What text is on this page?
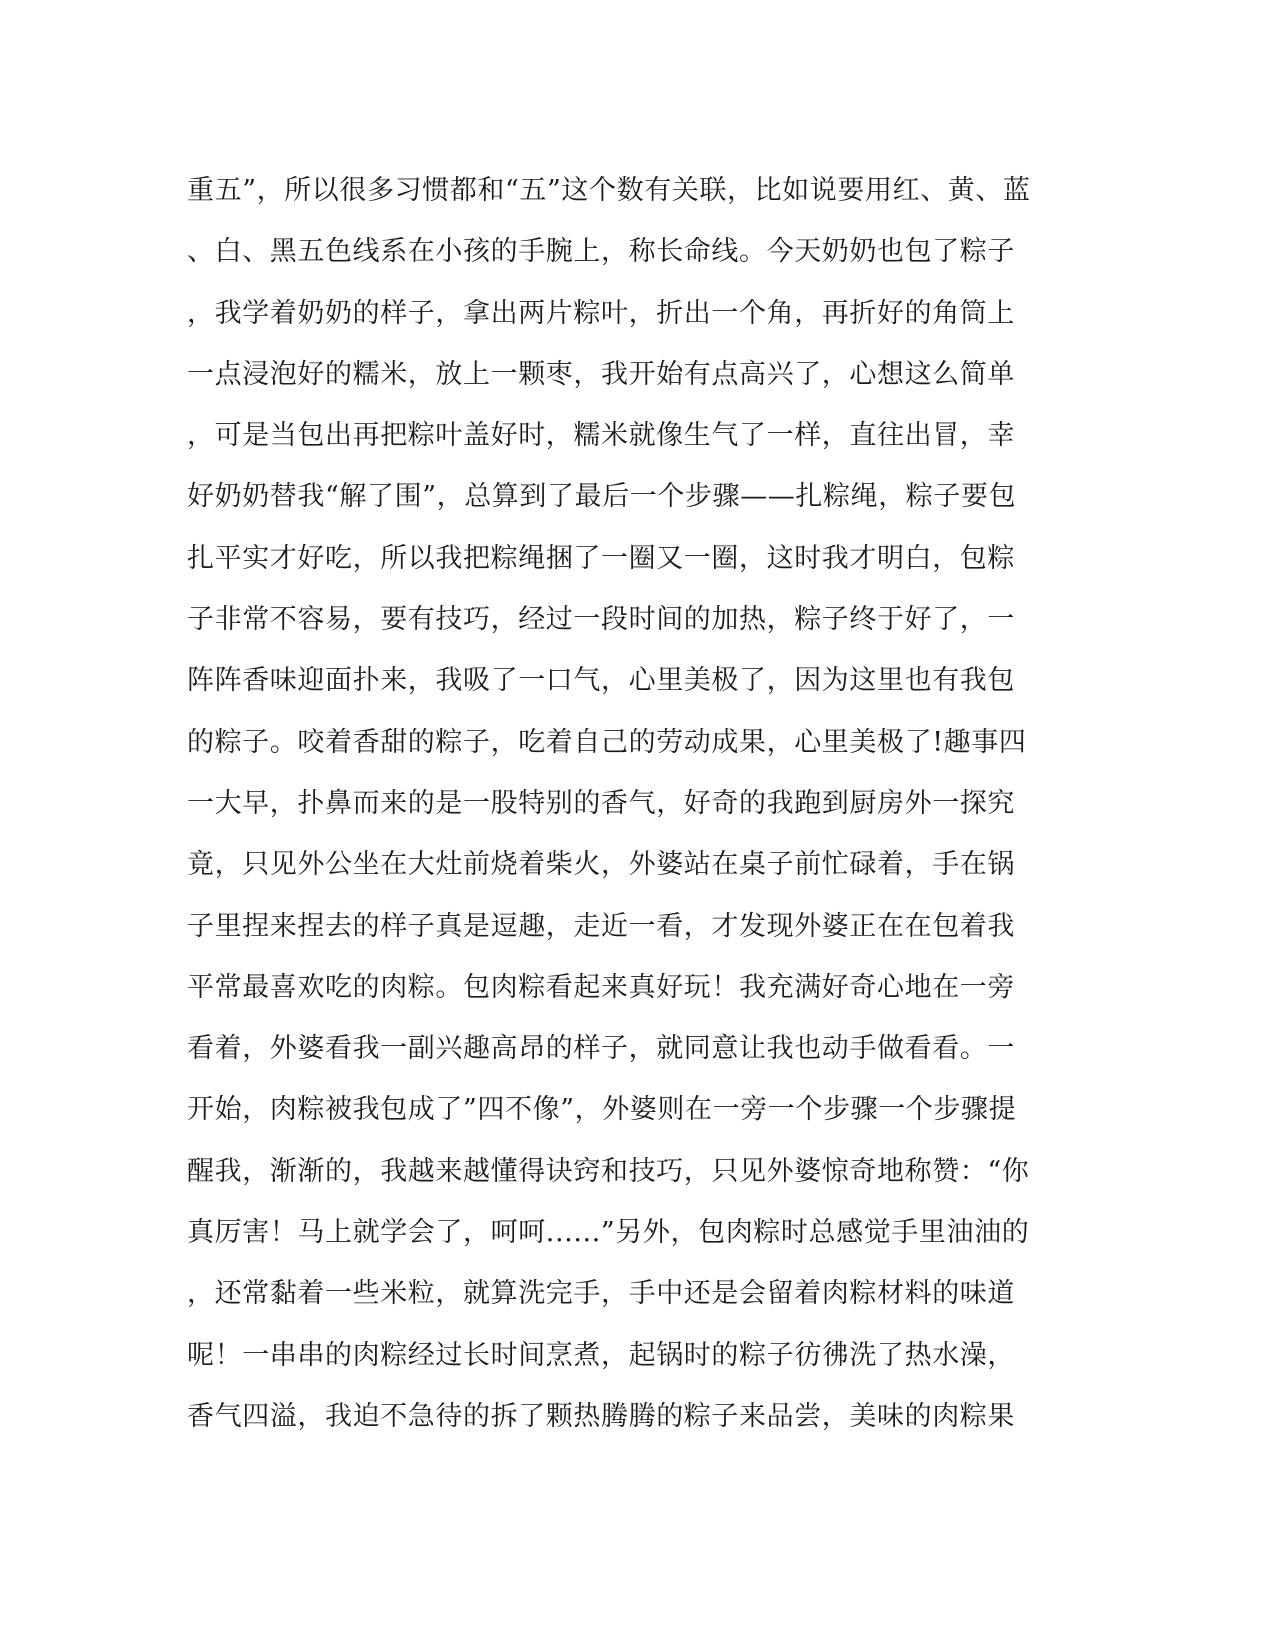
重五”，所以很多习惯都和“五”这个数有关联，比如说要用红、黄、蓝
、白、黑五色线系在小孩的手腕上，称长命线。今天奶奶也包了粽子
，我学着奶奶的样子，拿出两片粽叶，折出一个角，再折好的角筒上
一点浸泡好的糯米，放上一颗枣，我开始有点高兴了，心想这么简单
，可是当包出再把粽叶盖好时，糯米就像生气了一样，直往出冒，幸
好奶奶替我“解了围”，总算到了最后一个步骤——扎粽绳，粽子要包
扎平实才好吃，所以我把粽绳捆了一圈又一圈，这时我才明白，包粽
子非常不容易，要有技巧，经过一段时间的加热，粽子终于好了，一
阵阵香味迎面扑来，我吸了一口气，心里美极了，因为这里也有我包
的粽子。咬着香甜的粽子，吃着自己的劳动成果，心里美极了!趣事四
一大早，扑鼻而来的是一股特别的香气，好奇的我跑到厨房外一探究
竟，只见外公坐在大灶前烧着柴火，外婆站在桌子前忙碌着，手在锅
子里捏来捏去的样子真是逗趣，走近一看，才发现外婆正在在包着我
平常最喜欢吃的肉粽。包肉粽看起来真好玩！我充满好奇心地在一旁
看着，外婆看我一副兴趣高昂的样子，就同意让我也动手做看看。一
开始，肉粽被我包成了”四不像”，外婆则在一旁一个步骤一个步骤提
醒我，渐渐的，我越来越懂得诀窍和技巧，只见外婆惊奇地称赞：“你
真厉害！马上就学会了，呵呵......”另外，包肉粽时总感觉手里油油的
，还常黏着一些米粒，就算洗完手，手中还是会留着肉粽材料的味道
呢！一串串的肉粽经过长时间烹煮，起锅时的粽子彷彿洗了热水澡，
香气四溢，我迫不急待的拆了颗热腾腾的粽子来品尝，美味的肉粽果
